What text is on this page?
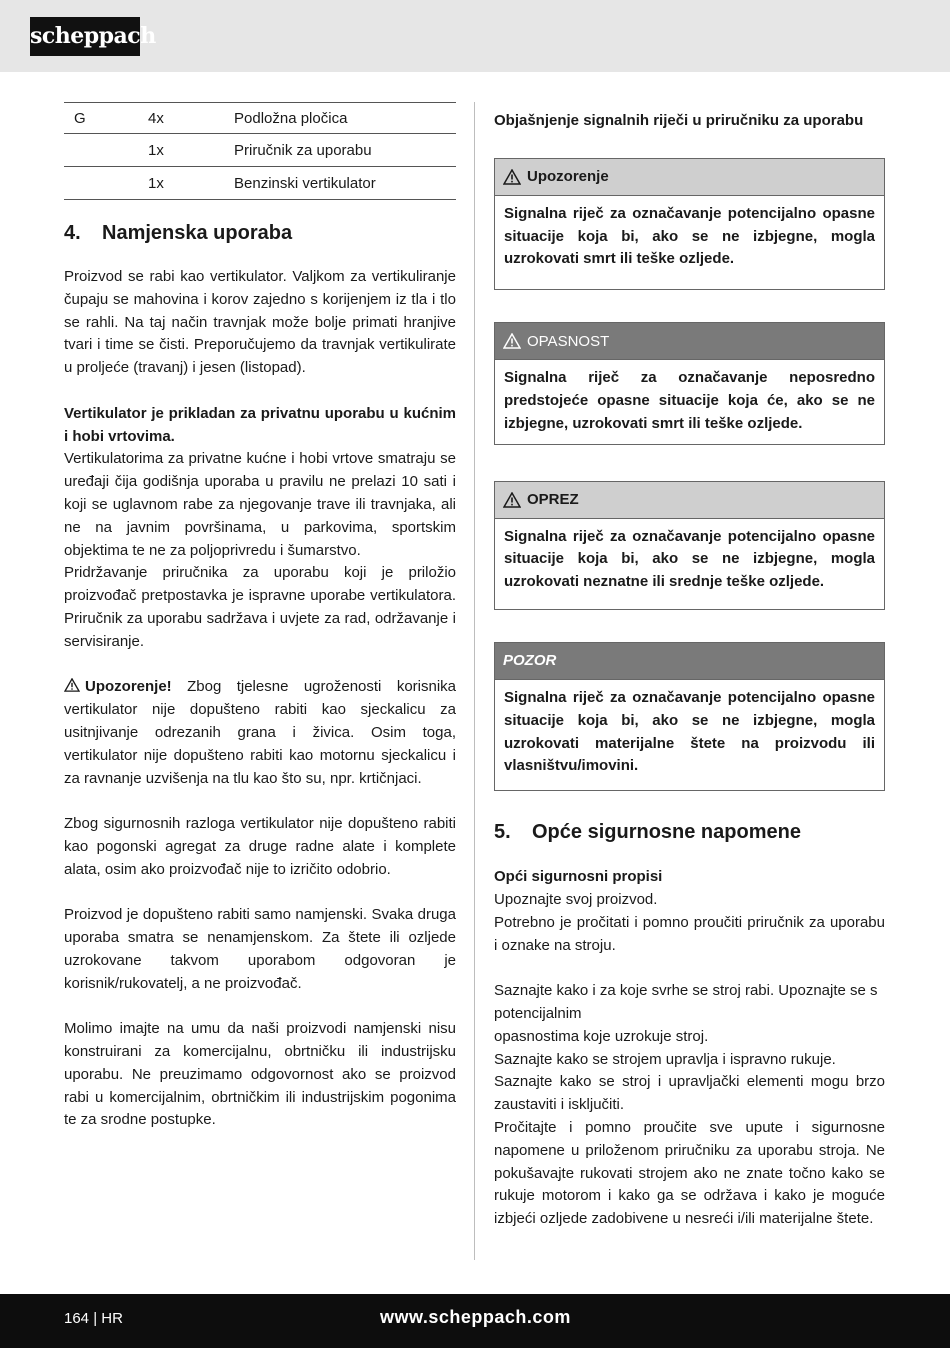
scheppach
G	4x	Podložna pločica
	1x	Priručnik za uporabu
	1x	Benzinski vertikulator
4. Namjenska uporaba

Proizvod se rabi kao vertikulator. Valjkom za vertikuliranje čupaju se mahovina i korov zajedno s korijenjem iz tla i tlo se rahli. Na taj način travnjak može bolje primati hranjive tvari i time se čisti. Preporučujemo da travnjak vertikulirate u proljeće (travanj) i jesen (listopad).

Vertikulator je prikladan za privatnu uporabu u kućnim i hobi vrtovima.

Vertikulatorima za privatne kućne i hobi vrtove smatraju se uređaji čija godišnja uporaba u pravilu ne prelazi 10 sati i koji se uglavnom rabe za njegovanje trave ili travnjaka, ali ne na javnim površinama, u parkovima, sportskim objektima te ne za poljoprivredu i šumarstvo.

Pridržavanje priručnika za uporabu koji je priložio proizvođač pretpostavka je ispravne uporabe vertikulatora. Priručnik za uporabu sadržava i uvjete za rad, održavanje i servisiranje.

Upozorenje! Zbog tjelesne ugroženosti korisnika vertikulator nije dopušteno rabiti kao sjeckalicu za usitnjivanje odrezanih grana i živica. Osim toga, vertikulator nije dopušteno rabiti kao motornu sjeckalicu i za ravnanje uzvišenja na tlu kao što su, npr. krtičnjaci.

Zbog sigurnosnih razloga vertikulator nije dopušteno rabiti kao pogonski agregat za druge radne alate i komplete alata, osim ako proizvođač nije to izričito odobrio.

Proizvod je dopušteno rabiti samo namjenski. Svaka druga uporaba smatra se nenamjenskom. Za štete ili ozljede uzrokovane takvom uporabom odgovoran je korisnik/rukovatelj, a ne proizvođač.

Molimo imajte na umu da naši proizvodi namjenski nisu konstruirani za komercijalnu, obrtničku ili industrijsku uporabu. Ne preuzimamo odgovornost ako se proizvod rabi u komercijalnim, obrtničkim ili industrijskim pogonima te za srodne postupke.

Objašnjenje signalnih riječi u priručniku za uporabu

Upozorenje
Signalna riječ za označavanje potencijalno opasne situacije koja bi, ako se ne izbjegne, mogla uzrokovati smrt ili teške ozljede.
OPASNOST
Signalna riječ za označavanje neposredno predstojeće opasne situacije koja će, ako se ne izbjegne, uzrokovati smrt ili teške ozljede.
OPREZ
Signalna riječ za označavanje potencijalno opasne situacije koja bi, ako se ne izbjegne, mogla uzrokovati neznatne ili srednje teške ozljede.
POZOR
Signalna riječ za označavanje potencijalno opasne situacije koja bi, ako se ne izbjegne, mogla uzrokovati materijalne štete na proizvodu ili vlasništvu/imovini.
5. Opće sigurnosne napomene

Opći sigurnosni propisi

Upoznajte svoj proizvod.

Potrebno je pročitati i pomno proučiti priručnik za uporabu i oznake na stroju.

Saznajte kako i za koje svrhe se stroj rabi. Upoznajte se s potencijalnim

opasnostima koje uzrokuje stroj.

Saznajte kako se strojem upravlja i ispravno rukuje.

Saznajte kako se stroj i upravljački elementi mogu brzo zaustaviti i isključiti.

Pročitajte i pomno proučite sve upute i sigurnosne napomene u priloženom priručniku za uporabu stroja. Ne pokušavajte rukovati strojem ako ne znate točno kako se rukuje motorom i kako ga se održava i kako je moguće izbjeći ozljede zadobivene u nesreći i/ili materijalne štete.

164 | HR	www.scheppach.com
